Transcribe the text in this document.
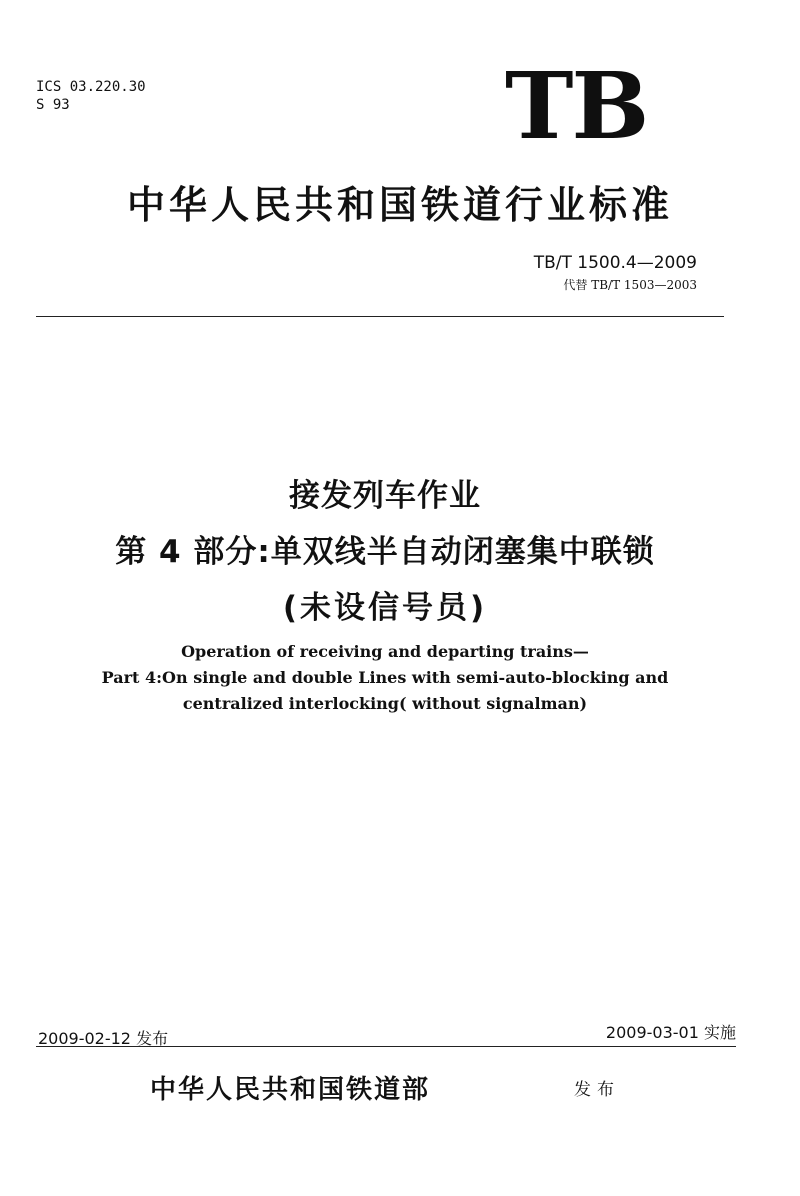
ICS 03.220.30
S 93	TB
中华人民共和国铁道行业标准
TB/T 1500.4—2009
代替 TB/T 1503—2003
接发列车作业
第 4 部分:单双线半自动闭塞集中联锁
(未设信号员)
Operation of receiving and departing trains—
Part 4:On single and double Lines with semi-auto-blocking and
centralized interlocking( without signalman)
2009-02-12 发布	2009-03-01 实施
中华人民共和国铁道部	发布
